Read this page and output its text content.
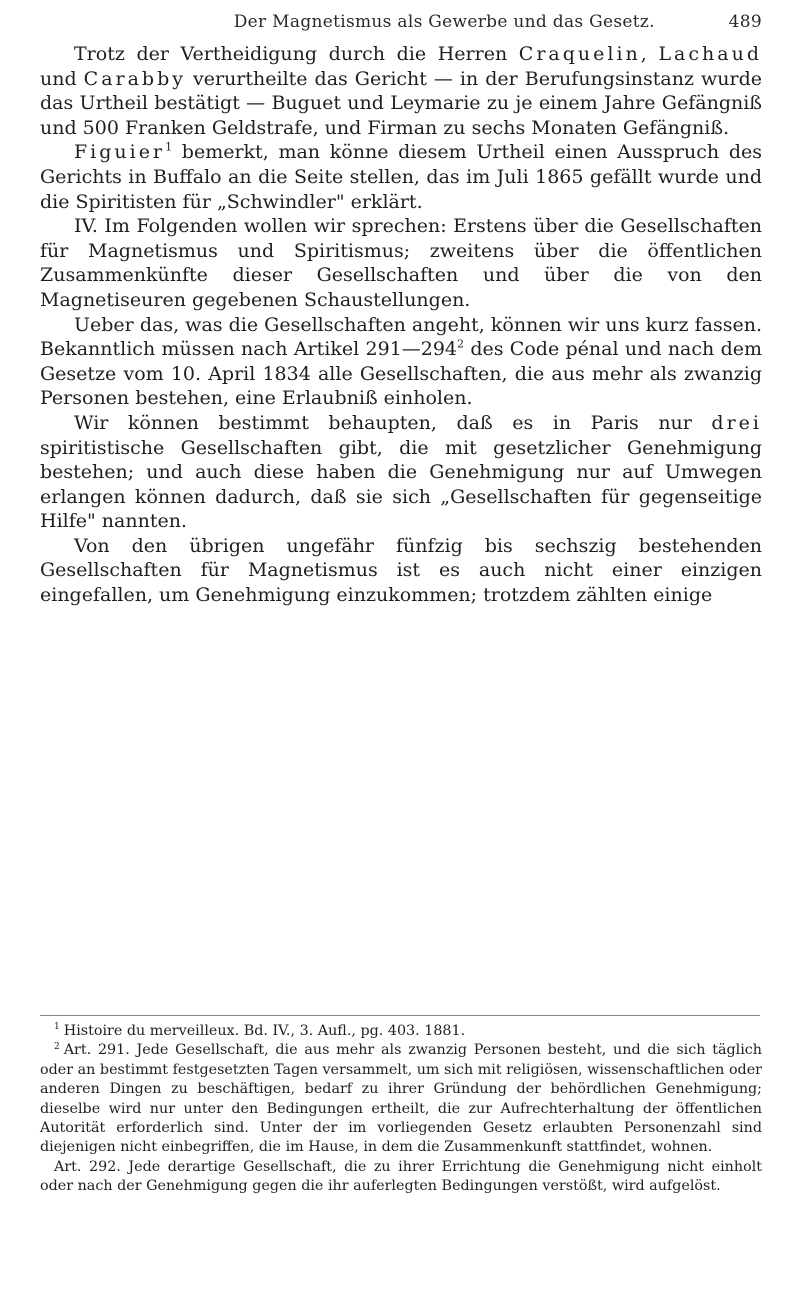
Der Magnetismus als Gewerbe und das Gesetz.	489

Trotz der Vertheidigung durch die Herren Craquelin, Lachaud und Carabby verurtheilte das Gericht — in der Berufungsinstanz wurde das Urtheil bestätigt — Buguet und Leymarie zu je einem Jahre Gefängniß und 500 Franken Geldstrafe, und Firman zu sechs Monaten Gefängniß.

Figuier$^1$ bemerkt, man könne diesem Urtheil einen Ausspruch des Gerichts in Buffalo an die Seite stellen, das im Juli 1865 gefällt wurde und die Spiritisten für „Schwindler" erklärt.

IV. Im Folgenden wollen wir sprechen: Erstens über die Gesellschaften für Magnetismus und Spiritismus; zweitens über die öffentlichen Zusammenkünfte dieser Gesellschaften und über die von den Magnetiseuren gegebenen Schaustellungen.

Ueber das, was die Gesellschaften angeht, können wir uns kurz fassen. Bekanntlich müssen nach Artikel $291—294^2$ des Code pénal und nach dem Gesetze vom 10. April 1834 alle Gesellschaften, die aus mehr als zwanzig Personen bestehen, eine Erlaubniß einholen.

Wir können bestimmt behaupten, daß es in Paris nur drei spiritistische Gesellschaften gibt, die mit gesetzlicher Genehmigung bestehen; und auch diese haben die Genehmigung nur auf Umwegen erlangen können dadurch, daß sie sich „Gesellschaften für gegenseitige Hilfe" nannten.

Von den übrigen ungefähr fünfzig bis sechszig bestehenden Gesellschaften für Magnetismus ist es auch nicht einer einzigen eingefallen, um Genehmigung einzukommen; trotzdem zählten einige

$^1$ Histoire du merveilleux. Bd. IV., 3. Aufl., pg. 403. 1881.

$^2$ Art. 291. Jede Gesellschaft, die aus mehr als zwanzig Personen besteht, und die sich täglich oder an bestimmt festgesetzten Tagen versammelt, um sich mit religiösen, wissenschaftlichen oder anderen Dingen zu beschäftigen, bedarf zu ihrer Gründung der behördlichen Genehmigung; dieselbe wird nur unter den Bedingungen ertheilt, die zur Aufrechterhaltung der öffentlichen Autorität erforderlich sind. Unter der im vorliegenden Gesetz erlaubten Personenzahl sind diejenigen nicht einbegriffen, die im Hause, in dem die Zusammenkunft stattfindet, wohnen.

Art. 292. Jede derartige Gesellschaft, die zu ihrer Errichtung die Genehmigung nicht einholt oder nach der Genehmigung gegen die ihr auferlegten Bedingungen verstößt, wird aufgelöst.
